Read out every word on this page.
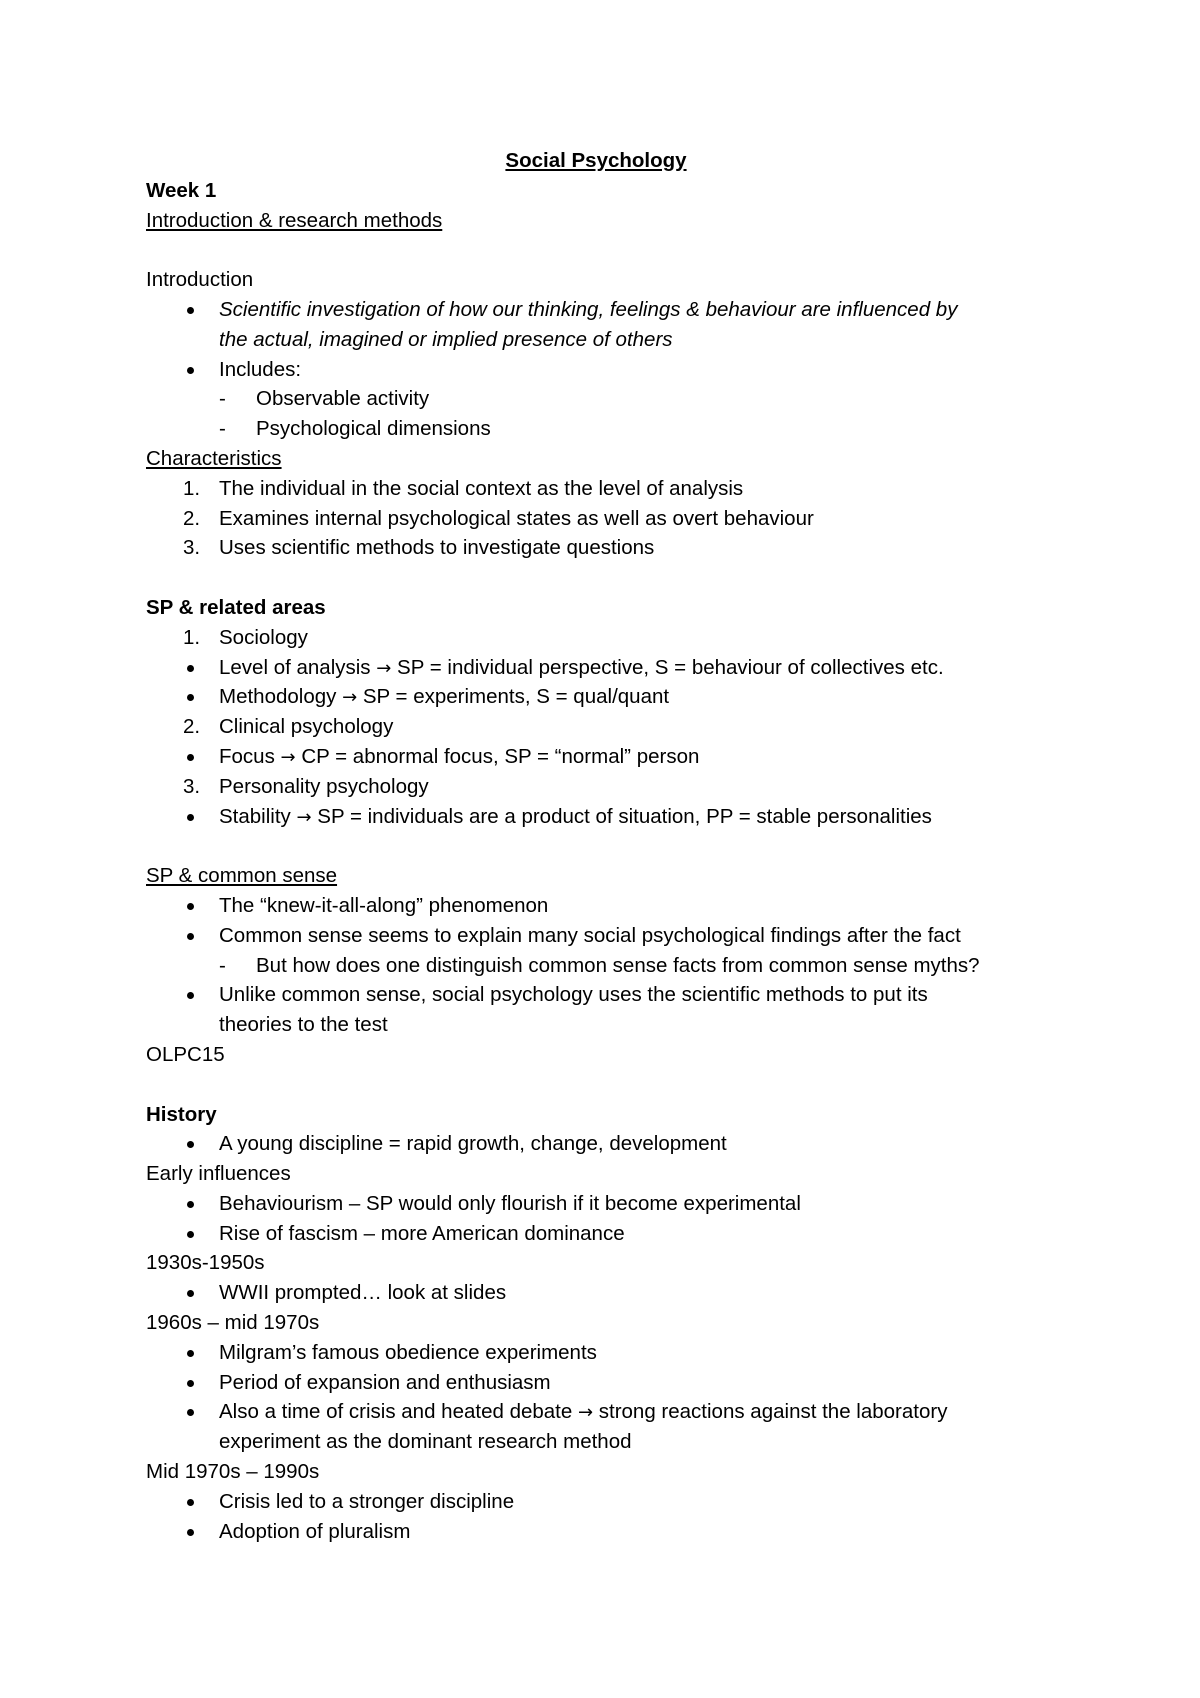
Social Psychology
Week 1
Introduction & research methods
Introduction
Scientific investigation of how our thinking, feelings & behaviour are influenced by
the actual, imagined or implied presence of others
Includes:
- Observable activity
- Psychological dimensions
Characteristics
1. The individual in the social context as the level of analysis
2. Examines internal psychological states as well as overt behaviour
3. Uses scientific methods to investigate questions
SP & related areas
1. Sociology
Level of analysis → SP = individual perspective, S = behaviour of collectives etc.
Methodology → SP = experiments, S = qual/quant
2. Clinical psychology
Focus → CP = abnormal focus, SP = “normal” person
3. Personality psychology
Stability → SP = individuals are a product of situation, PP = stable personalities
SP & common sense
The “knew-it-all-along” phenomenon
Common sense seems to explain many social psychological findings after the fact
- But how does one distinguish common sense facts from common sense myths?
Unlike common sense, social psychology uses the scientific methods to put its
theories to the test
OLPC15
History
A young discipline = rapid growth, change, development
Early influences
Behaviourism – SP would only flourish if it become experimental
Rise of fascism – more American dominance
1930s-1950s
WWII prompted… look at slides
1960s – mid 1970s
Milgram’s famous obedience experiments
Period of expansion and enthusiasm
Also a time of crisis and heated debate → strong reactions against the laboratory
experiment as the dominant research method
Mid 1970s – 1990s
Crisis led to a stronger discipline
Adoption of pluralism
